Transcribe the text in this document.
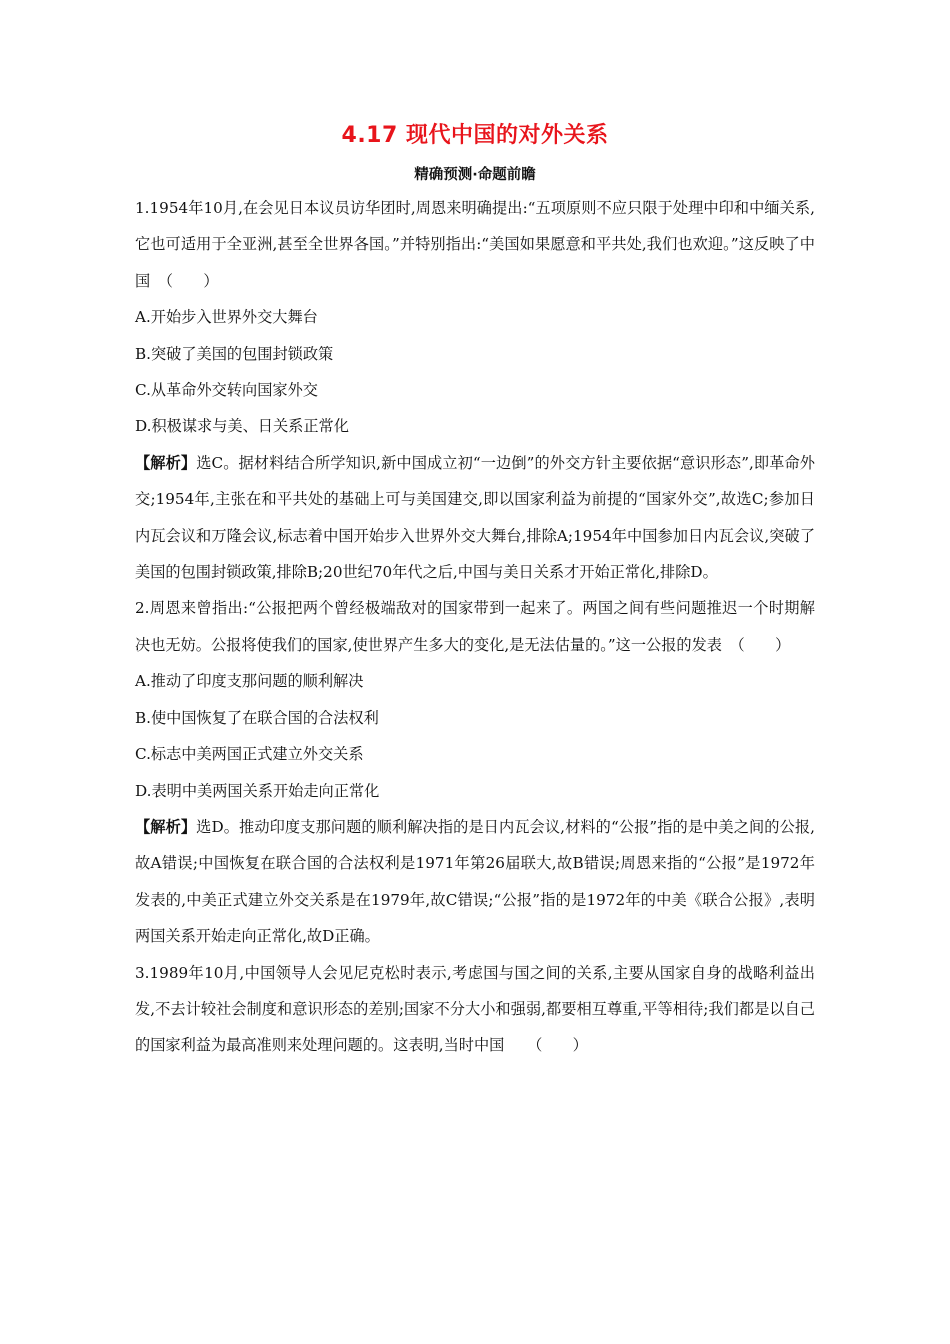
4.17 现代中国的对外关系
精确预测·命题前瞻

1.1954年10月,在会见日本议员访华团时,周恩来明确提出:“五项原则不应只限于处理中印和中缅关系,它也可适用于全亚洲,甚至全世界各国。”并特别指出:“美国如果愿意和平共处,我们也欢迎。”这反映了中国　（　　）

A.开始步入世界外交大舞台

B.突破了美国的包围封锁政策

C.从革命外交转向国家外交

D.积极谋求与美、日关系正常化

【解析】选C。据材料结合所学知识,新中国成立初“一边倒”的外交方针主要依据“意识形态”,即革命外交;1954年,主张在和平共处的基础上可与美国建交,即以国家利益为前提的“国家外交”,故选C;参加日内瓦会议和万隆会议,标志着中国开始步入世界外交大舞台,排除A;1954年中国参加日内瓦会议,突破了美国的包围封锁政策,排除B;20世纪70年代之后,中国与美日关系才开始正常化,排除D。

2.周恩来曾指出:“公报把两个曾经极端敌对的国家带到一起来了。两国之间有些问题推迟一个时期解决也无妨。公报将使我们的国家,使世界产生多大的变化,是无法估量的。”这一公报的发表　（　　）

A.推动了印度支那问题的顺利解决

B.使中国恢复了在联合国的合法权利

C.标志中美两国正式建立外交关系

D.表明中美两国关系开始走向正常化

【解析】选D。推动印度支那问题的顺利解决指的是日内瓦会议,材料的“公报”指的是中美之间的公报,故A错误;中国恢复在联合国的合法权利是1971年第26届联大,故B错误;周恩来指的“公报”是1972年发表的,中美正式建立外交关系是在1979年,故C错误;“公报”指的是1972年的中美《联合公报》,表明两国关系开始走向正常化,故D正确。

3.1989年10月,中国领导人会见尼克松时表示,考虑国与国之间的关系,主要从国家自身的战略利益出发,不去计较社会制度和意识形态的差别;国家不分大小和强弱,都要相互尊重,平等相待;我们都是以自己的国家利益为最高准则来处理问题的。这表明,当时中国　　（　　）
